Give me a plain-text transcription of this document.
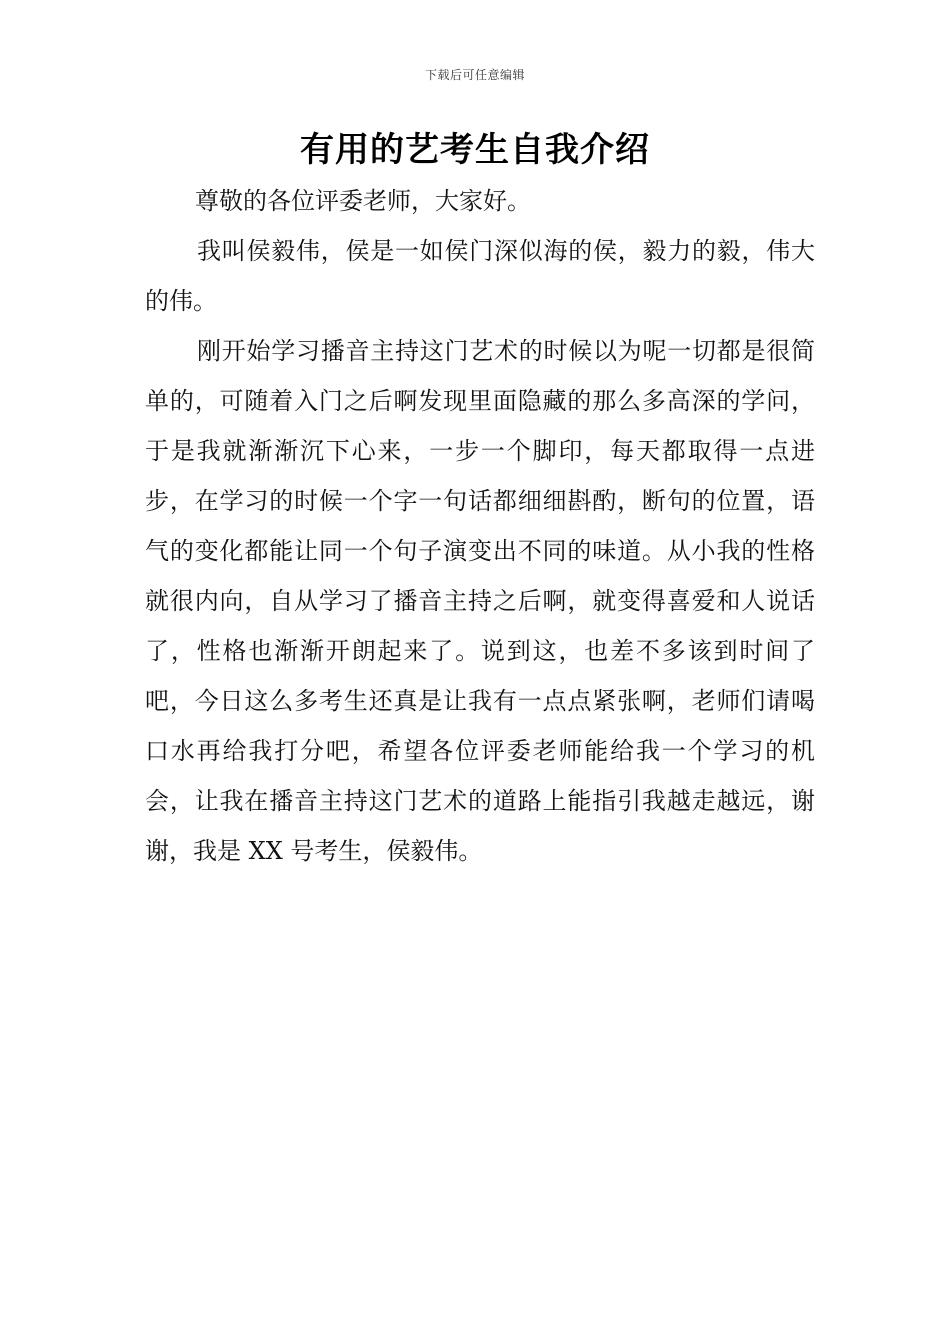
下载后可任意编辑
有用的艺考生自我介绍

尊敬的各位评委老师，大家好。

我叫侯毅伟，侯是一如侯门深似海的侯，毅力的毅，伟大的伟。

刚开始学习播音主持这门艺术的时候以为呢一切都是很简单的，可随着入门之后啊发现里面隐藏的那么多高深的学问，于是我就渐渐沉下心来，一步一个脚印，每天都取得一点进步，在学习的时候一个字一句话都细细斟酌，断句的位置，语气的变化都能让同一个句子演变出不同的味道。从小我的性格就很内向，自从学习了播音主持之后啊，就变得喜爱和人说话了，性格也渐渐开朗起来了。说到这，也差不多该到时间了吧，今日这么多考生还真是让我有一点点紧张啊，老师们请喝口水再给我打分吧，希望各位评委老师能给我一个学习的机会，让我在播音主持这门艺术的道路上能指引我越走越远，谢谢，我是 XX 号考生，侯毅伟。
